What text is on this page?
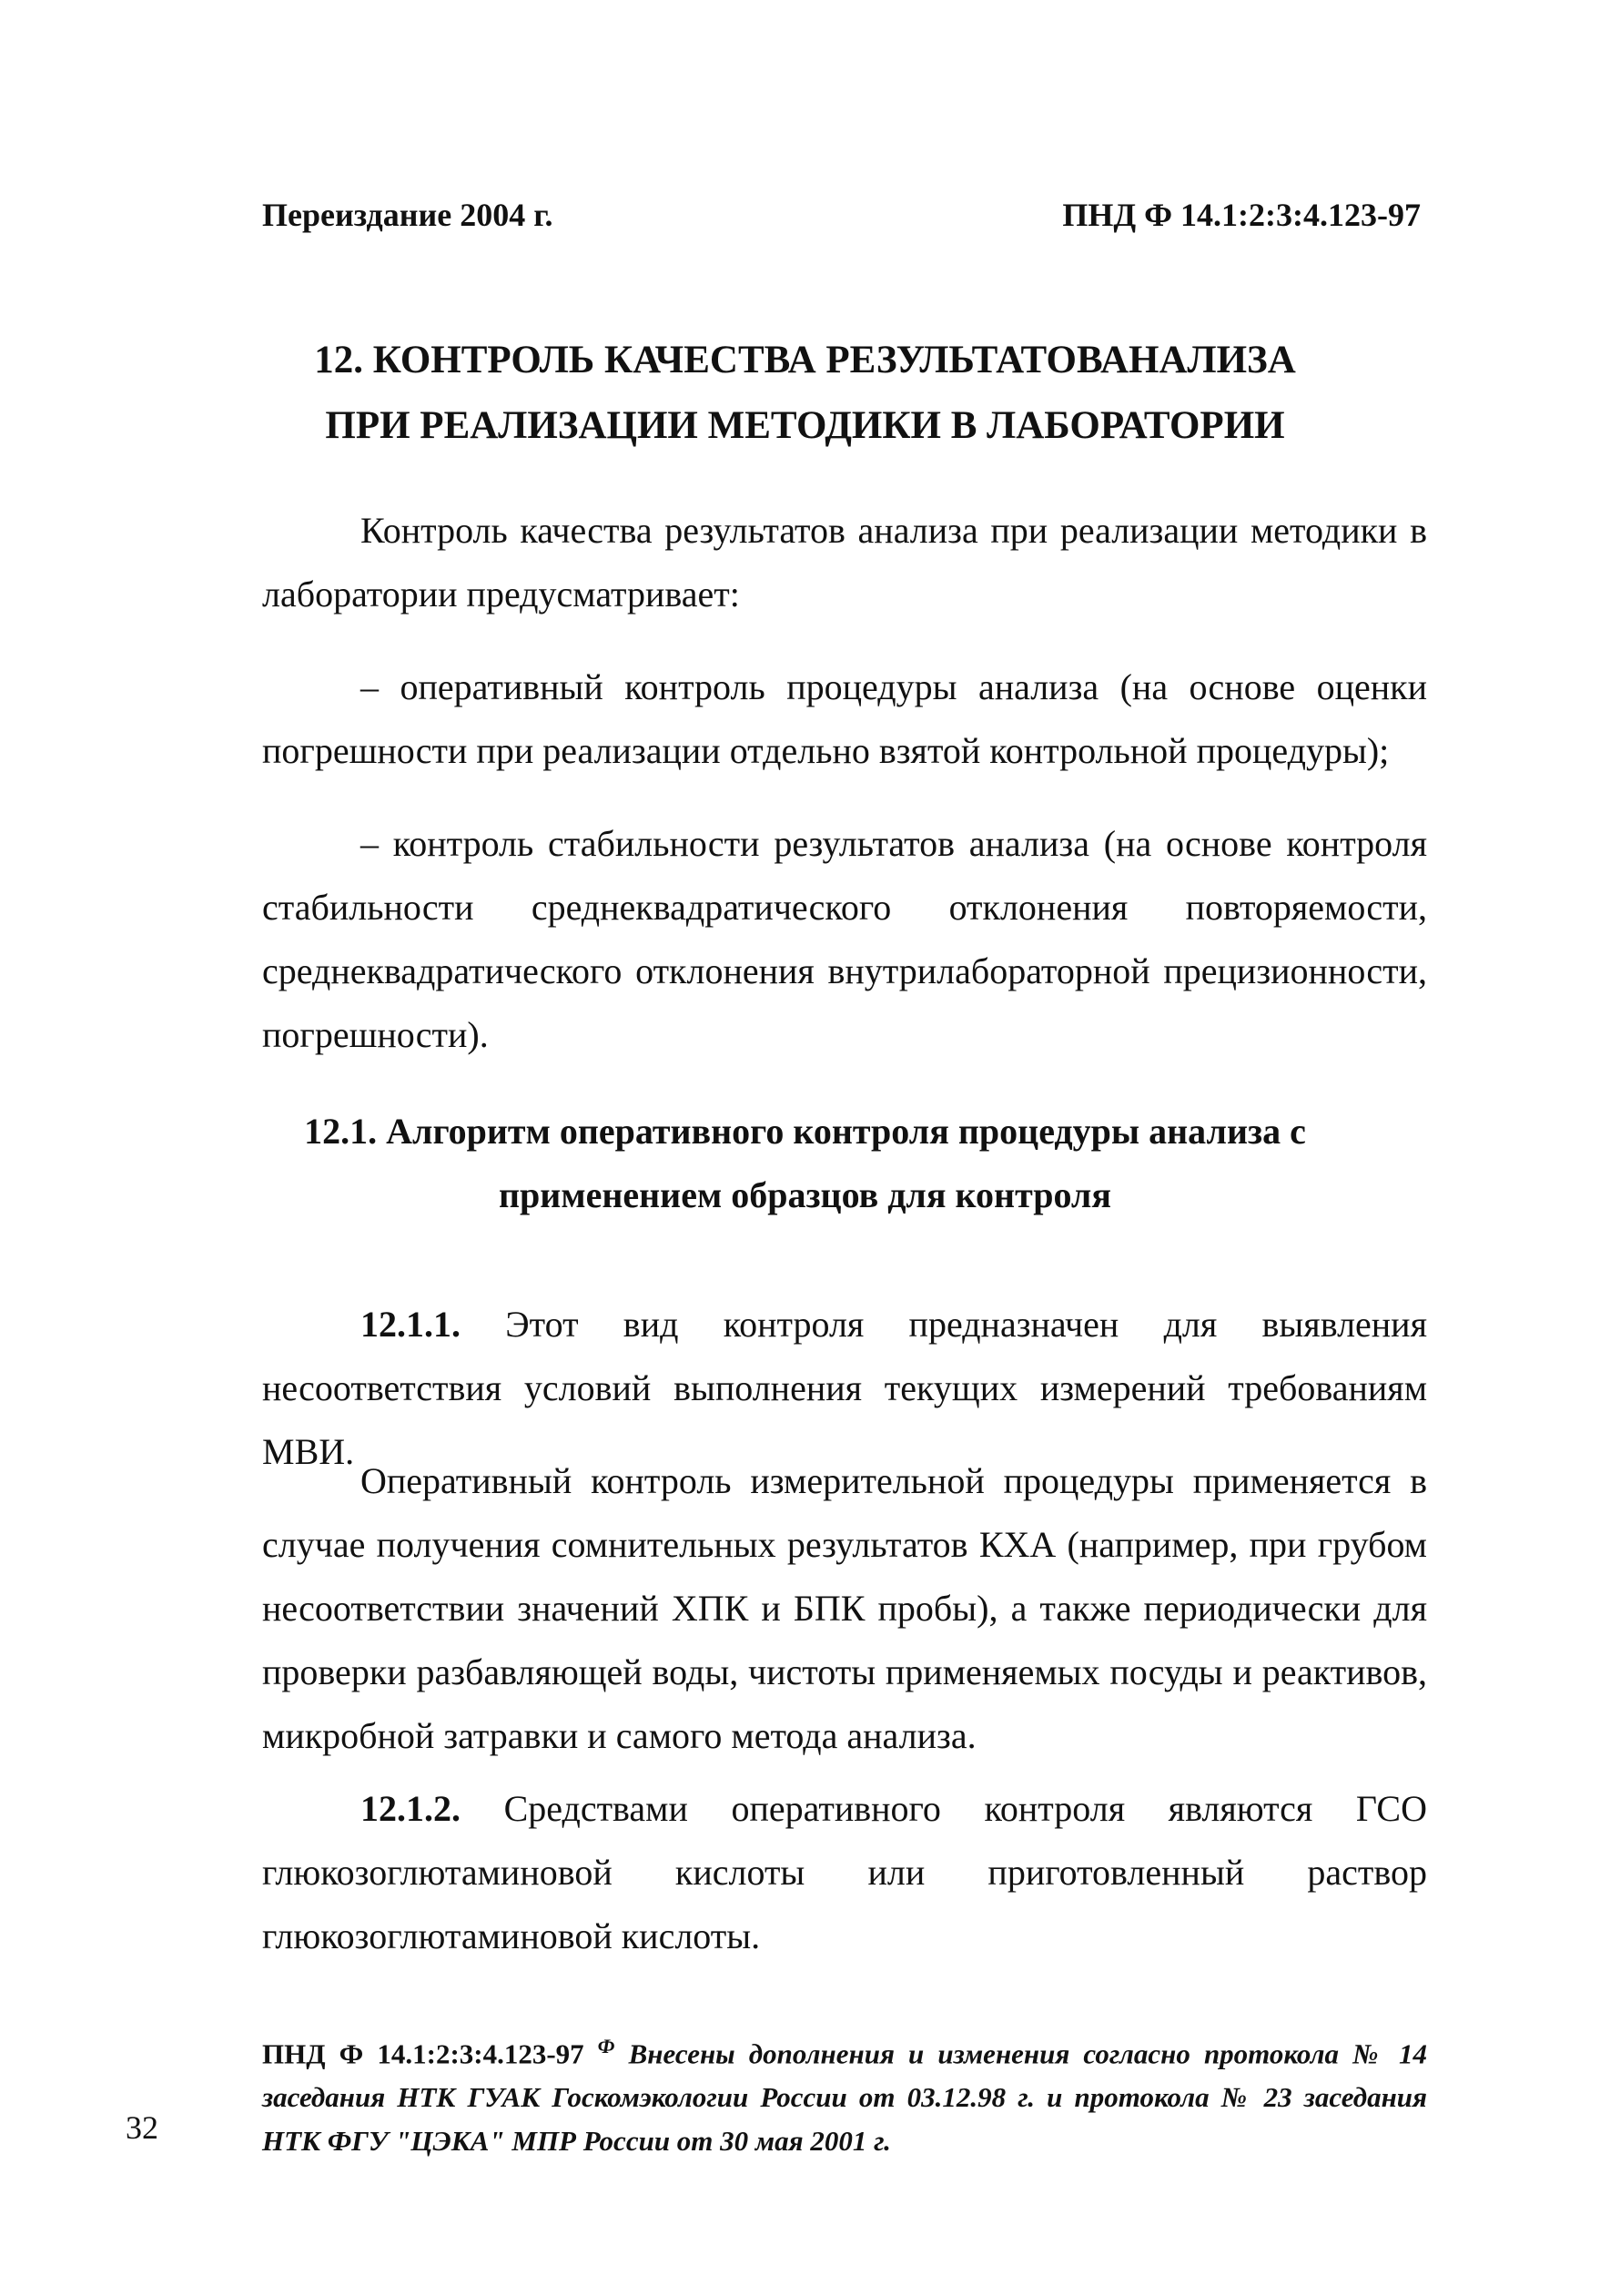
Переиздание 2004 г.	ПНД Ф 14.1:2:3:4.123-97
12. КОНТРОЛЬ КАЧЕСТВА РЕЗУЛЬТАТОВАНАЛИЗА
ПРИ РЕАЛИЗАЦИИ МЕТОДИКИ В ЛАБОРАТОРИИ

Контроль качества результатов анализа при реализации методики в лаборатории предусматривает:

– оперативный контроль процедуры анализа (на основе оценки погрешности при реализации отдельно взятой контрольной процедуры);

– контроль стабильности результатов анализа (на основе контроля стабильности среднеквадратического отклонения повторяемости, среднеквадратического отклонения внутрилабораторной прецизионности, погрешности).

12.1. Алгоритм оперативного контроля процедуры анализа с
применением образцов для контроля

12.1.1. Этот вид контроля предназначен для выявления несоответствия условий выполнения текущих измерений требованиям МВИ.

Оперативный контроль измерительной процедуры применяется в случае получения сомнительных результатов КХА (например, при грубом несоответствии значений ХПК и БПК пробы), а также периодически для проверки разбавляющей воды, чистоты применяемых посуды и реактивов, микробной затравки и самого метода анализа.

12.1.2. Средствами оперативного контроля являются ГСО глюкозоглютаминовой кислоты или приготовленный раствор глюкозоглютаминовой кислоты.

ПНД Ф 14.1:2:3:4.123-97 $^Ф$ Внесены дополнения и изменения согласно протокола № 14 заседания НТК ГУАК Госкомэкологии России от 03.12.98 г. и протокола № 23 заседания НТК ФГУ "ЦЭКА" МПР России от 30 мая 2001 г.
32
